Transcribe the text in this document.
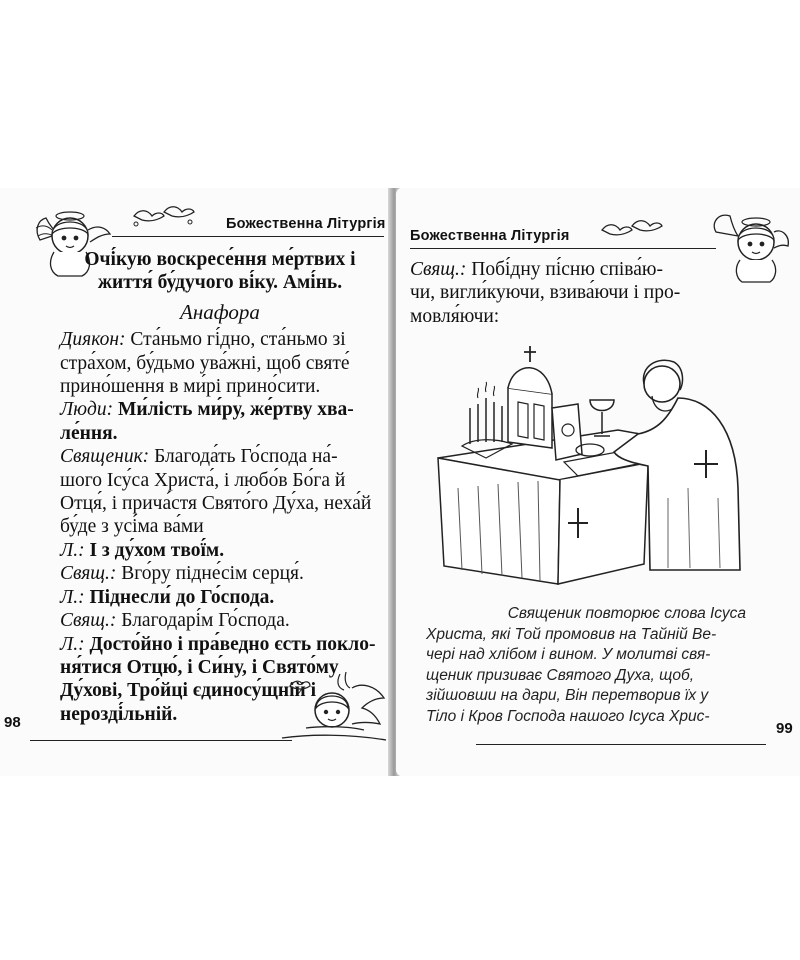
Божественна Літургія

Очі́кую воскресе́ння ме́ртвих і

життя́ бу́дучого ві́ку. Амі́нь.

Анафора

Диякон: Ста́ньмо гі́дно, ста́ньмо зі

стра́хом, бу́дьмо ува́жні, щоб святе́

прино́шення в ми́рі прино́сити.

Люди: Ми́лість ми́ру, же́ртву хва-

ле́ння.

Священик: Благода́ть Го́спода на́-

шого Ісу́са Христа́, і любо́в Бо́га й

Отця́, і прича́стя Свято́го Ду́ха, неха́й

бу́де з усі́ма ва́ми

Л.: І з ду́хом твої́м.

Свящ.: Вго́ру підне́сім серця́.

Л.: Піднесли́ до Го́спода.

Свящ.: Благодарі́м Го́спода.

Л.: Досто́йно і пра́ведно єсть покло-

ня́тися Отцю́, і Си́ну, і Свято́му

Ду́хові, Тро́йці єдиносу́щній і

нерозді́льній.

98
Божественна Літургія

Свящ.: Побі́дну пі́сню співа́ю-

чи, вигли́куючи, взива́ючи і про-

мовля́ючи:

Священик повторює слова Ісуса
Христа, які Той промовив на Тайній Ве-
чері над хлібом і вином. У молитві свя-
щеник призиває Святого Духа, щоб,
зійшовши на дари, Він перетворив їх у
Тіло і Кров Господа нашого Ісуса Хрис-
99
